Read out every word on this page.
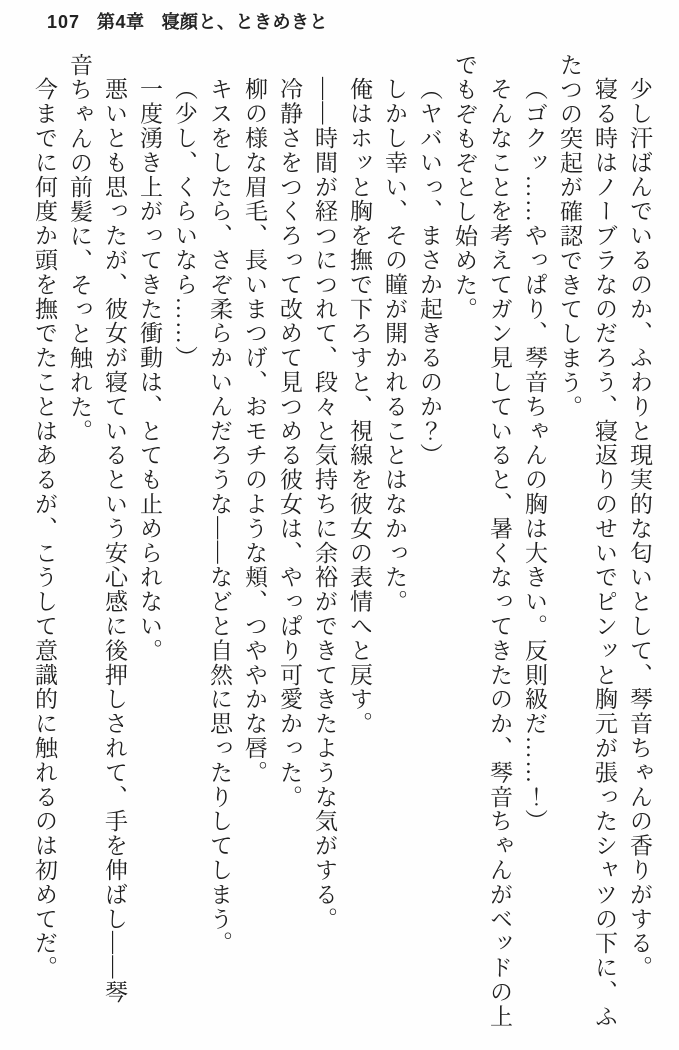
107 第4章 寝顔と、ときめきと

少し汗ばんでいるのか、ふわりと現実的な匂いとして、琴音ちゃんの香りがする。

寝る時はノーブラなのだろう、寝返りのせいでピンッと胸元が張ったシャツの下に、ふ

たつの突起が確認できてしまう。

（ゴクッ……やっぱり、琴音ちゃんの胸は大きい。反則級だ……！）

そんなことを考えてガン見していると、暑くなってきたのか、琴音ちゃんがベッドの上

でもぞもぞとし始めた。

（ヤバいっ、まさか起きるのか？）

しかし幸い、その瞳が開かれることはなかった。

俺はホッと胸を撫で下ろすと、視線を彼女の表情へと戻す。

――時間が経つにつれて、段々と気持ちに余裕ができてきたような気がする。

冷静さをつくろって改めて見つめる彼女は、やっぱり可愛かった。

柳の様な眉毛、長いまつげ、おモチのような頬、つややかな唇。

キスをしたら、さぞ柔らかいんだろうな――などと自然に思ったりしてしまう。

（少し、くらいなら……）

一度湧き上がってきた衝動は、とても止められない。

悪いとも思ったが、彼女が寝ているという安心感に後押しされて、手を伸ばし――琴

音ちゃんの前髪に、そっと触れた。

今までに何度か頭を撫でたことはあるが、こうして意識的に触れるのは初めてだ。
